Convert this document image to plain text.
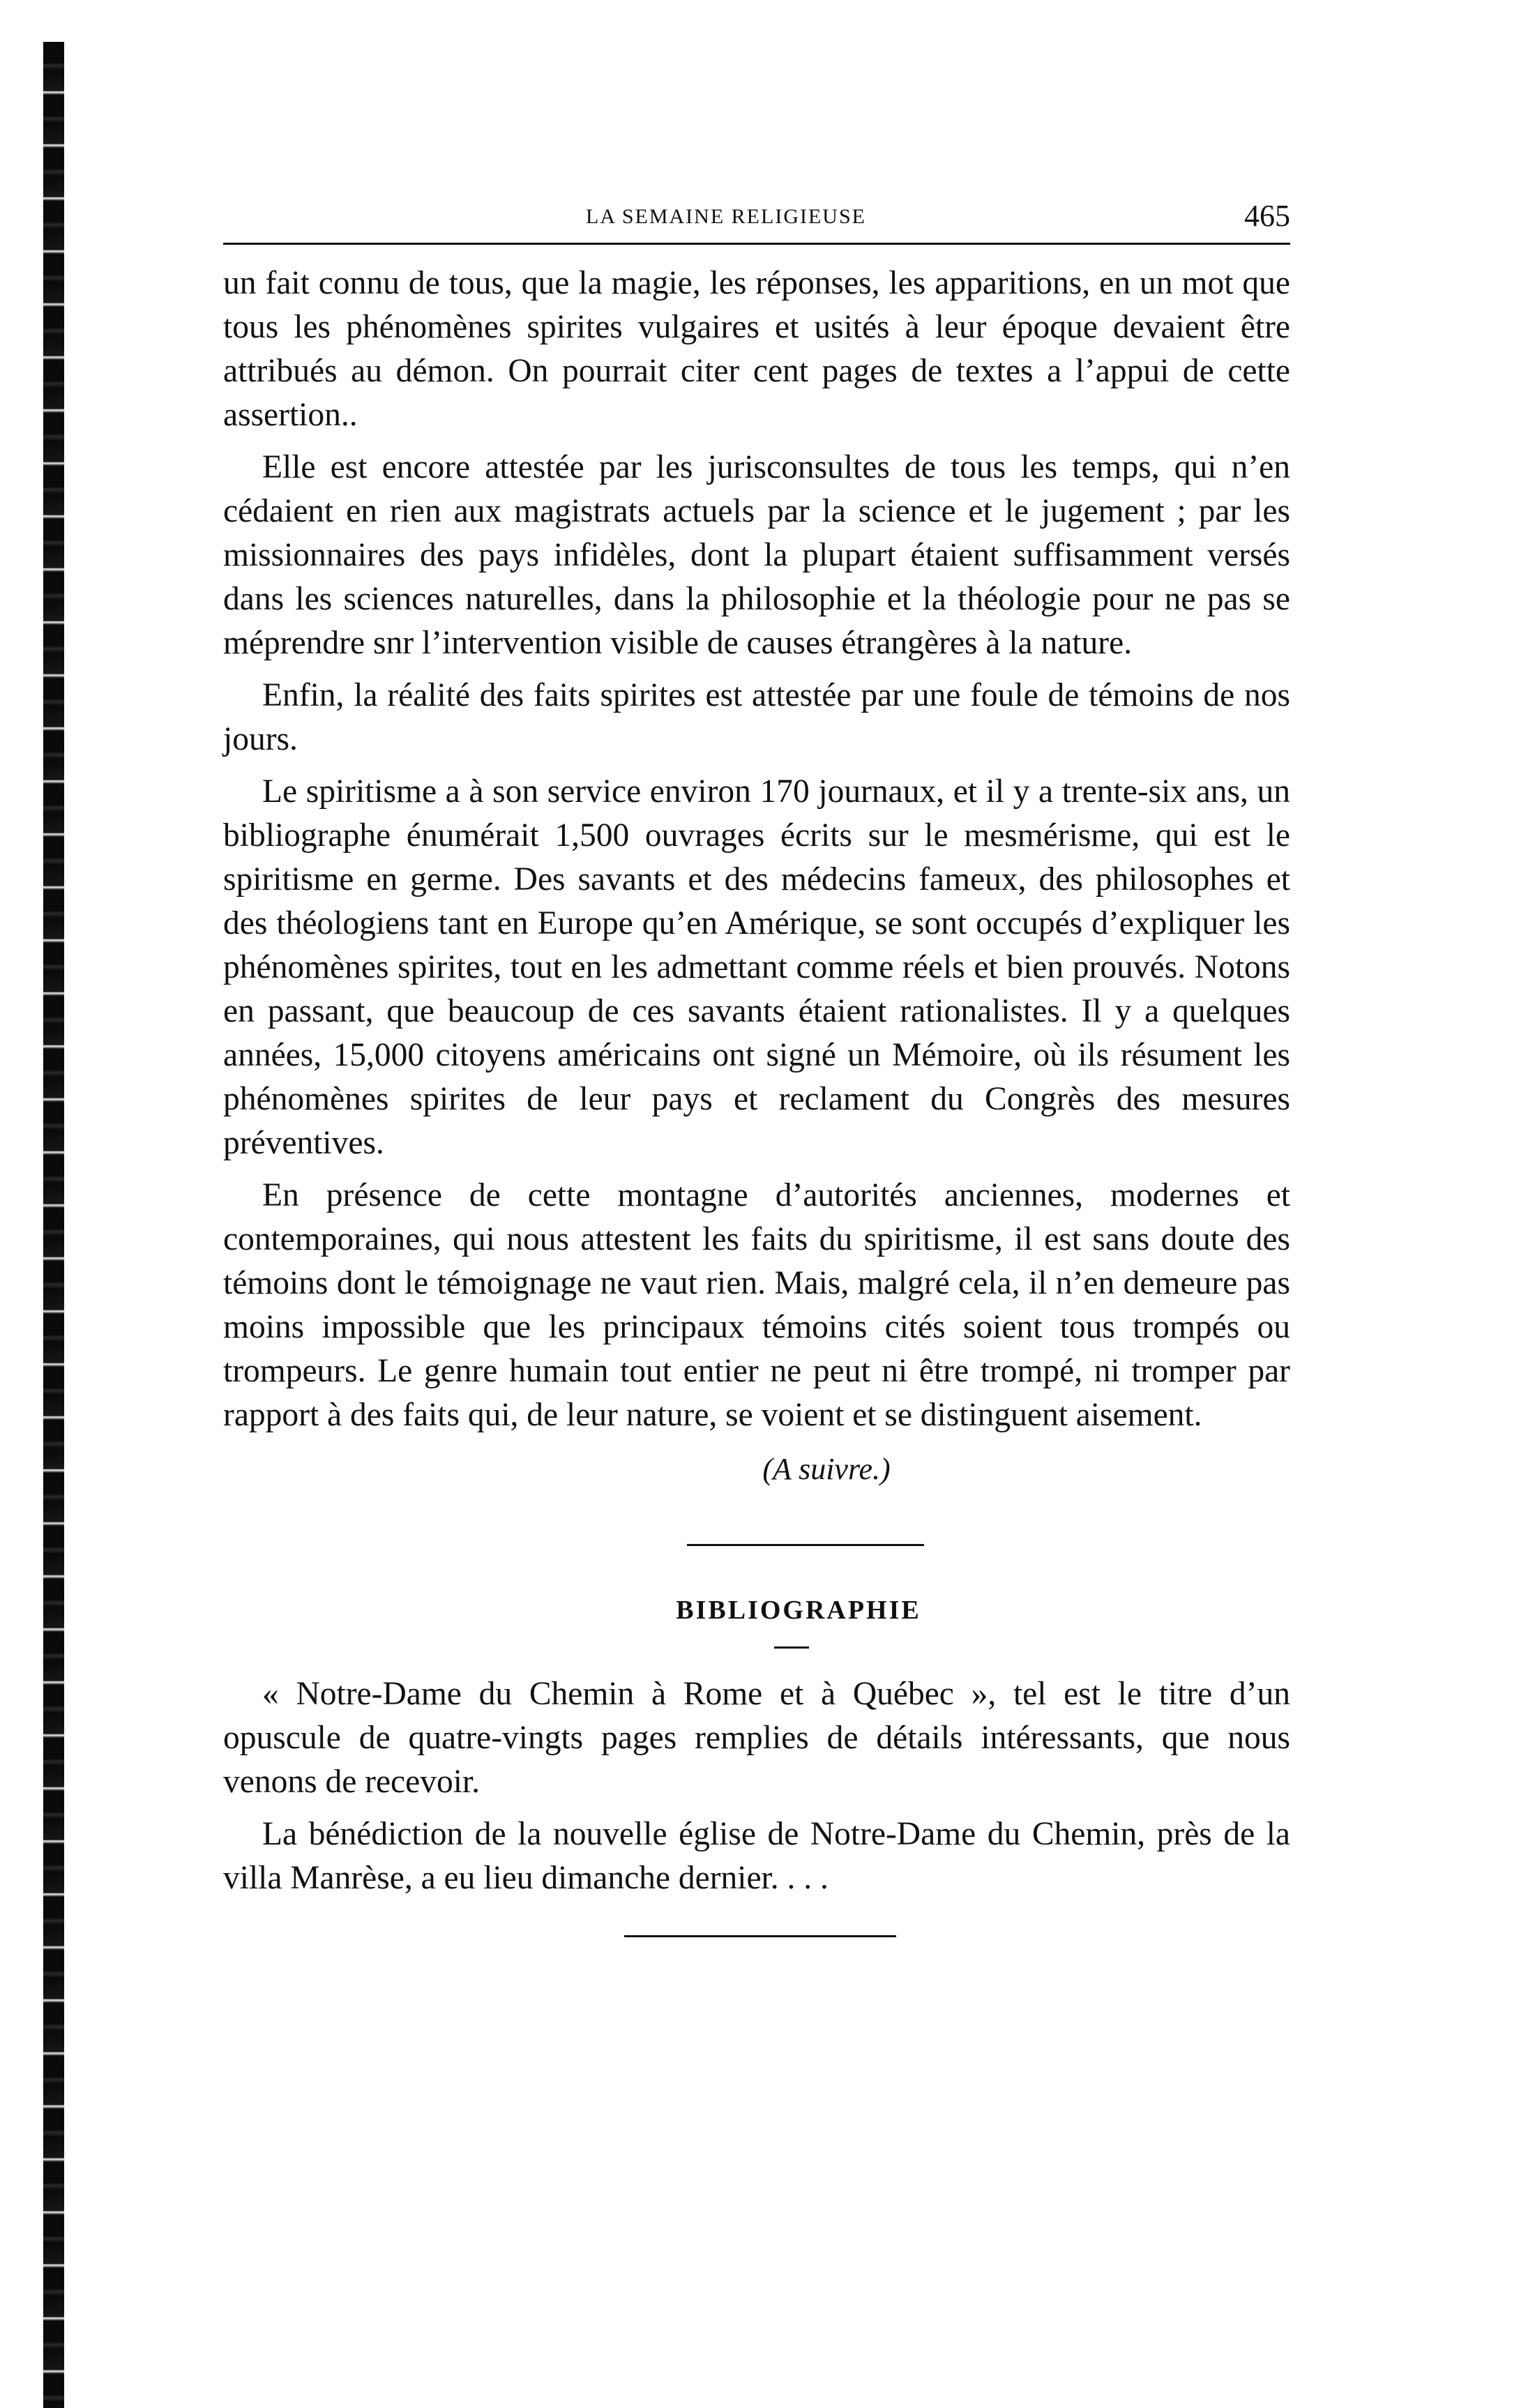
LA SEMAINE RELIGIEUSE	465

un fait connu de tous, que la magie, les réponses, les apparitions, en un mot que tous les phénomènes spirites vulgaires et usités à leur époque devaient être attribués au démon. On pourrait citer cent pages de textes a l’appui de cette assertion..

Elle est encore attestée par les jurisconsultes de tous les temps, qui n’en cédaient en rien aux magistrats actuels par la science et le jugement ; par les missionnaires des pays infidèles, dont la plupart étaient suffisamment versés dans les sciences naturelles, dans la philosophie et la théologie pour ne pas se méprendre snr l’intervention visible de causes étrangères à la nature.

Enfin, la réalité des faits spirites est attestée par une foule de témoins de nos jours.

Le spiritisme a à son service environ 170 journaux, et il y a trente-six ans, un bibliographe énumérait 1,500 ouvrages écrits sur le mesmérisme, qui est le spiritisme en germe. Des savants et des médecins fameux, des philosophes et des théologiens tant en Europe qu’en Amérique, se sont occupés d’expliquer les phénomènes spirites, tout en les admettant comme réels et bien prouvés. Notons en passant, que beaucoup de ces savants étaient rationalistes. Il y a quelques années, 15,000 citoyens américains ont signé un Mémoire, où ils résument les phénomènes spirites de leur pays et reclament du Congrès des mesures préventives.

En présence de cette montagne d’autorités anciennes, modernes et contemporaines, qui nous attestent les faits du spiritisme, il est sans doute des témoins dont le témoignage ne vaut rien. Mais, malgré cela, il n’en demeure pas moins impossible que les principaux témoins cités soient tous trompés ou trompeurs. Le genre humain tout entier ne peut ni être trompé, ni tromper par rapport à des faits qui, de leur nature, se voient et se distinguent aisement.

(A suivre.)

BIBLIOGRAPHIE

« Notre-Dame du Chemin à Rome et à Québec », tel est le titre d’un opuscule de quatre-vingts pages remplies de détails intéressants, que nous venons de recevoir.

La bénédiction de la nouvelle église de Notre-Dame du Chemin, près de la villa Manrèse, a eu lieu dimanche dernier. . . .
